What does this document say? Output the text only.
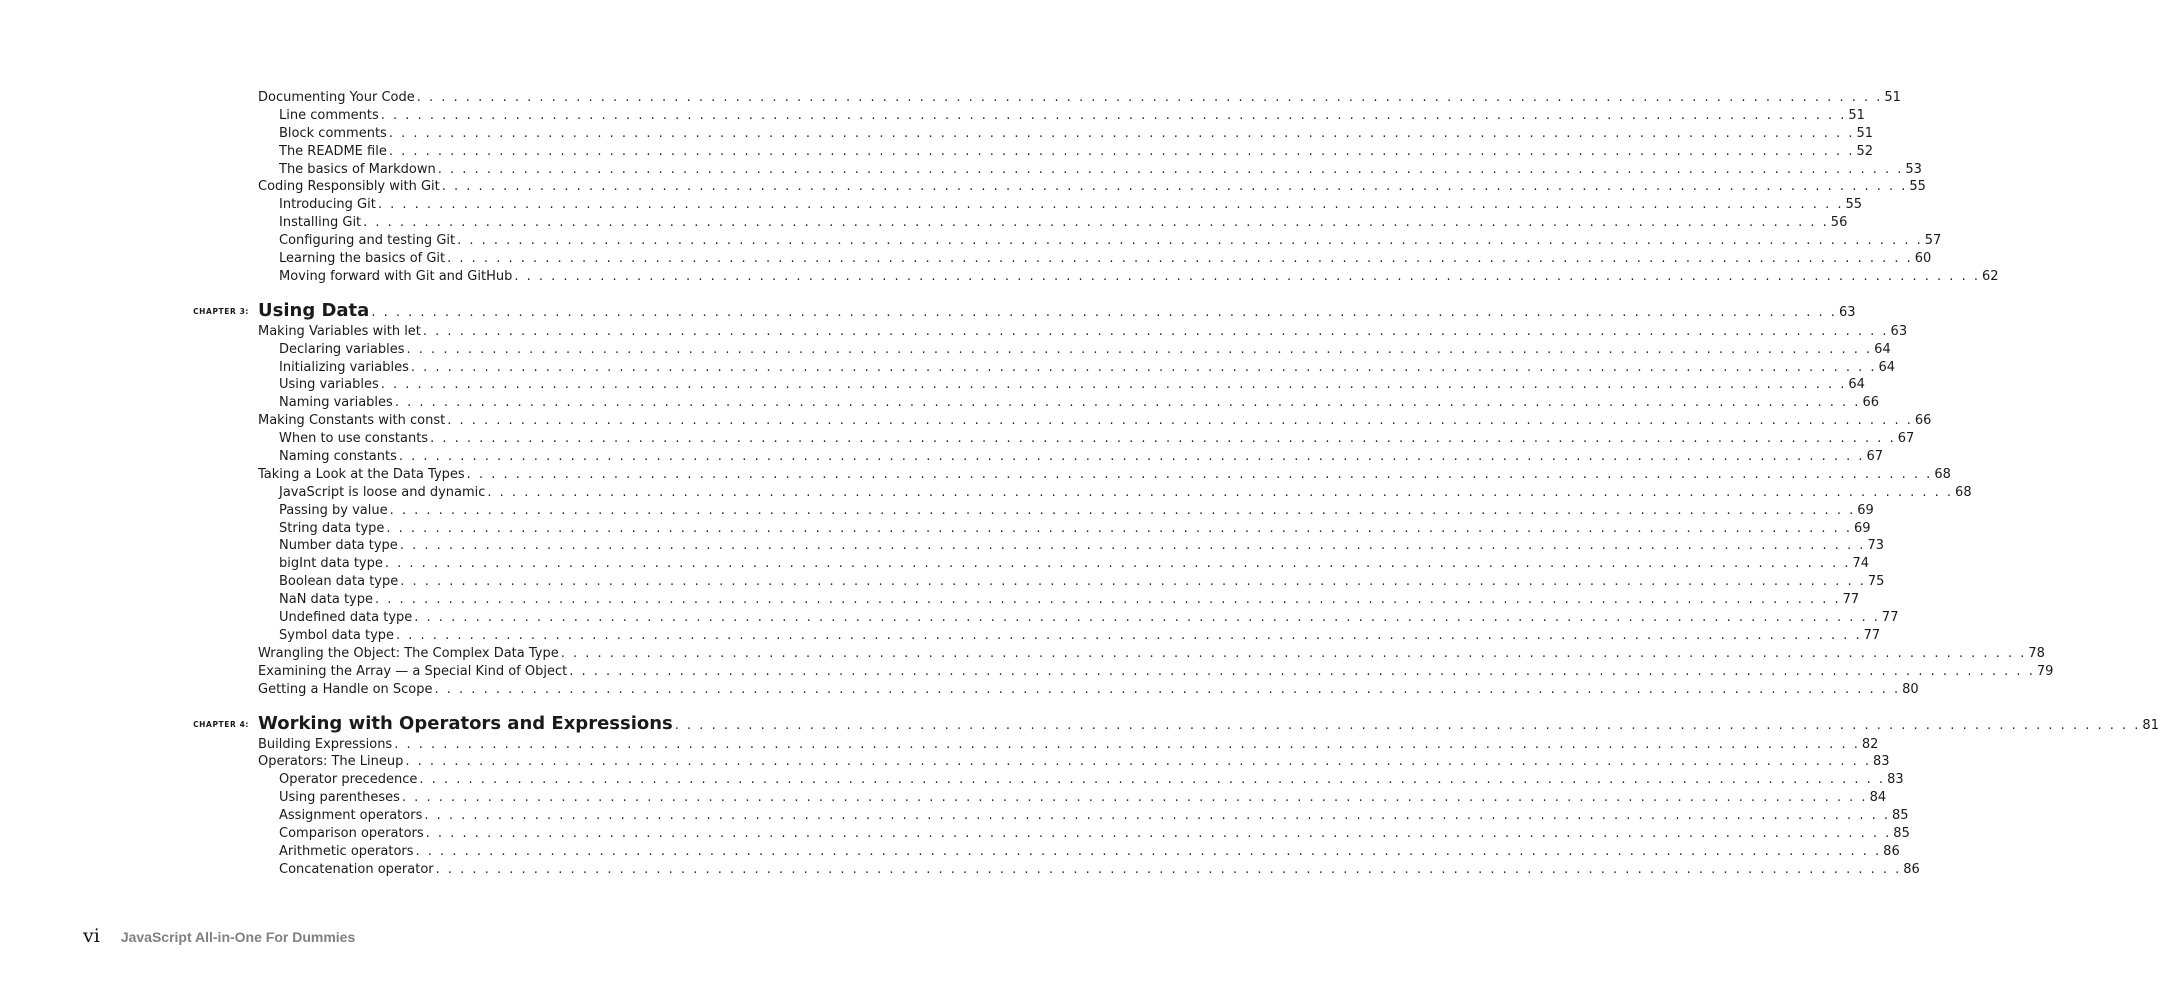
Documenting Your Code . . . . . . . . . . . . . . . . . . . . . . . . . . . . . . . . . . . . . . . . . . . . . . . . . . . . . . . . . . . . . . . . . . . . . . . . . . . . . . . . . . . . . . . . . . . . . . . . . . . . . . . . . . . . . . . . . . . . . . . . 51
Line comments . . . . . . . . . . . . . . . . . . . . . . . . . . . . . . . . . . . . . . . . . . . . . . . . . . . . . . . . . . . . . . . . . . . . . . . . . . . . . . . . . . . . . . . . . . . . . . . . . . . . . . . . . . . . . . . . . . . . . . . . 51
Block comments . . . . . . . . . . . . . . . . . . . . . . . . . . . . . . . . . . . . . . . . . . . . . . . . . . . . . . . . . . . . . . . . . . . . . . . . . . . . . . . . . . . . . . . . . . . . . . . . . . . . . . . . . . . . . . . . . . . . . . . . 51
The README file . . . . . . . . . . . . . . . . . . . . . . . . . . . . . . . . . . . . . . . . . . . . . . . . . . . . . . . . . . . . . . . . . . . . . . . . . . . . . . . . . . . . . . . . . . . . . . . . . . . . . . . . . . . . . . . . . . . . . . . . 52
The basics of Markdown . . . . . . . . . . . . . . . . . . . . . . . . . . . . . . . . . . . . . . . . . . . . . . . . . . . . . . . . . . . . . . . . . . . . . . . . . . . . . . . . . . . . . . . . . . . . . . . . . . . . . . . . . . . . . . . . . . . . . . . . 53
Coding Responsibly with Git . . . . . . . . . . . . . . . . . . . . . . . . . . . . . . . . . . . . . . . . . . . . . . . . . . . . . . . . . . . . . . . . . . . . . . . . . . . . . . . . . . . . . . . . . . . . . . . . . . . . . . . . . . . . . . . . . . . . . . . . 55
Introducing Git . . . . . . . . . . . . . . . . . . . . . . . . . . . . . . . . . . . . . . . . . . . . . . . . . . . . . . . . . . . . . . . . . . . . . . . . . . . . . . . . . . . . . . . . . . . . . . . . . . . . . . . . . . . . . . . . . . . . . . . . 55
Installing Git . . . . . . . . . . . . . . . . . . . . . . . . . . . . . . . . . . . . . . . . . . . . . . . . . . . . . . . . . . . . . . . . . . . . . . . . . . . . . . . . . . . . . . . . . . . . . . . . . . . . . . . . . . . . . . . . . . . . . . . . 56
Configuring and testing Git . . . . . . . . . . . . . . . . . . . . . . . . . . . . . . . . . . . . . . . . . . . . . . . . . . . . . . . . . . . . . . . . . . . . . . . . . . . . . . . . . . . . . . . . . . . . . . . . . . . . . . . . . . . . . . . . . . . . . . . . 57
Learning the basics of Git . . . . . . . . . . . . . . . . . . . . . . . . . . . . . . . . . . . . . . . . . . . . . . . . . . . . . . . . . . . . . . . . . . . . . . . . . . . . . . . . . . . . . . . . . . . . . . . . . . . . . . . . . . . . . . . . . . . . . . . . 60
Moving forward with Git and GitHub . . . . . . . . . . . . . . . . . . . . . . . . . . . . . . . . . . . . . . . . . . . . . . . . . . . . . . . . . . . . . . . . . . . . . . . . . . . . . . . . . . . . . . . . . . . . . . . . . . . . . . . . . . . . . . . . . . . . . . . . 62
CHAPTER 3: Using Data . . . . . . . . . . . . . . . . . . . . . . . . . . . . . . . . . . . . . . . . . . . . . . . . . . . . . . . . . . . . . . . . . . . . . . . . . . . . . . . . . . . . . . . . . . . . . . . . . . . . . . . . . . . . . . . . . . . . . . . . 63
Making Variables with let . . . . . . . . . . . . . . . . . . . . . . . . . . . . . . . . . . . . . . . . . . . . . . . . . . . . . . . . . . . . . . . . . . . . . . . . . . . . . . . . . . . . . . . . . . . . . . . . . . . . . . . . . . . . . . . . . . . . . . . . 63
Declaring variables . . . . . . . . . . . . . . . . . . . . . . . . . . . . . . . . . . . . . . . . . . . . . . . . . . . . . . . . . . . . . . . . . . . . . . . . . . . . . . . . . . . . . . . . . . . . . . . . . . . . . . . . . . . . . . . . . . . . . . . . 64
Initializing variables . . . . . . . . . . . . . . . . . . . . . . . . . . . . . . . . . . . . . . . . . . . . . . . . . . . . . . . . . . . . . . . . . . . . . . . . . . . . . . . . . . . . . . . . . . . . . . . . . . . . . . . . . . . . . . . . . . . . . . . . 64
Using variables . . . . . . . . . . . . . . . . . . . . . . . . . . . . . . . . . . . . . . . . . . . . . . . . . . . . . . . . . . . . . . . . . . . . . . . . . . . . . . . . . . . . . . . . . . . . . . . . . . . . . . . . . . . . . . . . . . . . . . . . 64
Naming variables . . . . . . . . . . . . . . . . . . . . . . . . . . . . . . . . . . . . . . . . . . . . . . . . . . . . . . . . . . . . . . . . . . . . . . . . . . . . . . . . . . . . . . . . . . . . . . . . . . . . . . . . . . . . . . . . . . . . . . . . 66
Making Constants with const . . . . . . . . . . . . . . . . . . . . . . . . . . . . . . . . . . . . . . . . . . . . . . . . . . . . . . . . . . . . . . . . . . . . . . . . . . . . . . . . . . . . . . . . . . . . . . . . . . . . . . . . . . . . . . . . . . . . . . . . 66
When to use constants . . . . . . . . . . . . . . . . . . . . . . . . . . . . . . . . . . . . . . . . . . . . . . . . . . . . . . . . . . . . . . . . . . . . . . . . . . . . . . . . . . . . . . . . . . . . . . . . . . . . . . . . . . . . . . . . . . . . . . . . 67
Naming constants . . . . . . . . . . . . . . . . . . . . . . . . . . . . . . . . . . . . . . . . . . . . . . . . . . . . . . . . . . . . . . . . . . . . . . . . . . . . . . . . . . . . . . . . . . . . . . . . . . . . . . . . . . . . . . . . . . . . . . . . 67
Taking a Look at the Data Types . . . . . . . . . . . . . . . . . . . . . . . . . . . . . . . . . . . . . . . . . . . . . . . . . . . . . . . . . . . . . . . . . . . . . . . . . . . . . . . . . . . . . . . . . . . . . . . . . . . . . . . . . . . . . . . . . . . . . . . . 68
JavaScript is loose and dynamic . . . . . . . . . . . . . . . . . . . . . . . . . . . . . . . . . . . . . . . . . . . . . . . . . . . . . . . . . . . . . . . . . . . . . . . . . . . . . . . . . . . . . . . . . . . . . . . . . . . . . . . . . . . . . . . . . . . . . . . . 68
Passing by value . . . . . . . . . . . . . . . . . . . . . . . . . . . . . . . . . . . . . . . . . . . . . . . . . . . . . . . . . . . . . . . . . . . . . . . . . . . . . . . . . . . . . . . . . . . . . . . . . . . . . . . . . . . . . . . . . . . . . . . . 69
String data type . . . . . . . . . . . . . . . . . . . . . . . . . . . . . . . . . . . . . . . . . . . . . . . . . . . . . . . . . . . . . . . . . . . . . . . . . . . . . . . . . . . . . . . . . . . . . . . . . . . . . . . . . . . . . . . . . . . . . . . . 69
Number data type . . . . . . . . . . . . . . . . . . . . . . . . . . . . . . . . . . . . . . . . . . . . . . . . . . . . . . . . . . . . . . . . . . . . . . . . . . . . . . . . . . . . . . . . . . . . . . . . . . . . . . . . . . . . . . . . . . . . . . . . 73
bigInt data type . . . . . . . . . . . . . . . . . . . . . . . . . . . . . . . . . . . . . . . . . . . . . . . . . . . . . . . . . . . . . . . . . . . . . . . . . . . . . . . . . . . . . . . . . . . . . . . . . . . . . . . . . . . . . . . . . . . . . . . . 74
Boolean data type . . . . . . . . . . . . . . . . . . . . . . . . . . . . . . . . . . . . . . . . . . . . . . . . . . . . . . . . . . . . . . . . . . . . . . . . . . . . . . . . . . . . . . . . . . . . . . . . . . . . . . . . . . . . . . . . . . . . . . . . 75
NaN data type . . . . . . . . . . . . . . . . . . . . . . . . . . . . . . . . . . . . . . . . . . . . . . . . . . . . . . . . . . . . . . . . . . . . . . . . . . . . . . . . . . . . . . . . . . . . . . . . . . . . . . . . . . . . . . . . . . . . . . . . 77
Undefined data type . . . . . . . . . . . . . . . . . . . . . . . . . . . . . . . . . . . . . . . . . . . . . . . . . . . . . . . . . . . . . . . . . . . . . . . . . . . . . . . . . . . . . . . . . . . . . . . . . . . . . . . . . . . . . . . . . . . . . . . . 77
Symbol data type . . . . . . . . . . . . . . . . . . . . . . . . . . . . . . . . . . . . . . . . . . . . . . . . . . . . . . . . . . . . . . . . . . . . . . . . . . . . . . . . . . . . . . . . . . . . . . . . . . . . . . . . . . . . . . . . . . . . . . . . 77
Wrangling the Object: The Complex Data Type . . . . . . . . . . . . . . . . . . . . . . . . . . . . . . . . . . . . . . . . . . . . . . . . . . . . . . . . . . . . . . . . . . . . . . . . . . . . . . . . . . . . . . . . . . . . . . . . . . . . . . . . . . . . . . . . . . . . . . . . 78
Examining the Array — a Special Kind of Object . . . . . . . . . . . . . . . . . . . . . . . . . . . . . . . . . . . . . . . . . . . . . . . . . . . . . . . . . . . . . . . . . . . . . . . . . . . . . . . . . . . . . . . . . . . . . . . . . . . . . . . . . . . . . . . . . . . . . . . . 79
Getting a Handle on Scope . . . . . . . . . . . . . . . . . . . . . . . . . . . . . . . . . . . . . . . . . . . . . . . . . . . . . . . . . . . . . . . . . . . . . . . . . . . . . . . . . . . . . . . . . . . . . . . . . . . . . . . . . . . . . . . . . . . . . . . . 80
CHAPTER 4: Working with Operators and Expressions . . . . . . . . . . . . . . . . . . . . . . . . . . . . . . . . . . . . . . . . . . . . . . . . . . . . . . . . . . . . . . . . . . . . . . . . . . . . . . . . . . . . . . . . . . . . . . . . . . . . . . . . . . . . . . . . . . . . . . . . 81
Building Expressions . . . . . . . . . . . . . . . . . . . . . . . . . . . . . . . . . . . . . . . . . . . . . . . . . . . . . . . . . . . . . . . . . . . . . . . . . . . . . . . . . . . . . . . . . . . . . . . . . . . . . . . . . . . . . . . . . . . . . . . . 82
Operators: The Lineup . . . . . . . . . . . . . . . . . . . . . . . . . . . . . . . . . . . . . . . . . . . . . . . . . . . . . . . . . . . . . . . . . . . . . . . . . . . . . . . . . . . . . . . . . . . . . . . . . . . . . . . . . . . . . . . . . . . . . . . . 83
Operator precedence . . . . . . . . . . . . . . . . . . . . . . . . . . . . . . . . . . . . . . . . . . . . . . . . . . . . . . . . . . . . . . . . . . . . . . . . . . . . . . . . . . . . . . . . . . . . . . . . . . . . . . . . . . . . . . . . . . . . . . . . 83
Using parentheses . . . . . . . . . . . . . . . . . . . . . . . . . . . . . . . . . . . . . . . . . . . . . . . . . . . . . . . . . . . . . . . . . . . . . . . . . . . . . . . . . . . . . . . . . . . . . . . . . . . . . . . . . . . . . . . . . . . . . . . . 84
Assignment operators . . . . . . . . . . . . . . . . . . . . . . . . . . . . . . . . . . . . . . . . . . . . . . . . . . . . . . . . . . . . . . . . . . . . . . . . . . . . . . . . . . . . . . . . . . . . . . . . . . . . . . . . . . . . . . . . . . . . . . . . 85
Comparison operators . . . . . . . . . . . . . . . . . . . . . . . . . . . . . . . . . . . . . . . . . . . . . . . . . . . . . . . . . . . . . . . . . . . . . . . . . . . . . . . . . . . . . . . . . . . . . . . . . . . . . . . . . . . . . . . . . . . . . . . . 85
Arithmetic operators . . . . . . . . . . . . . . . . . . . . . . . . . . . . . . . . . . . . . . . . . . . . . . . . . . . . . . . . . . . . . . . . . . . . . . . . . . . . . . . . . . . . . . . . . . . . . . . . . . . . . . . . . . . . . . . . . . . . . . . . 86
Concatenation operator . . . . . . . . . . . . . . . . . . . . . . . . . . . . . . . . . . . . . . . . . . . . . . . . . . . . . . . . . . . . . . . . . . . . . . . . . . . . . . . . . . . . . . . . . . . . . . . . . . . . . . . . . . . . . . . . . . . . . . . . 86
vi JavaScript All-in-One For Dummies
